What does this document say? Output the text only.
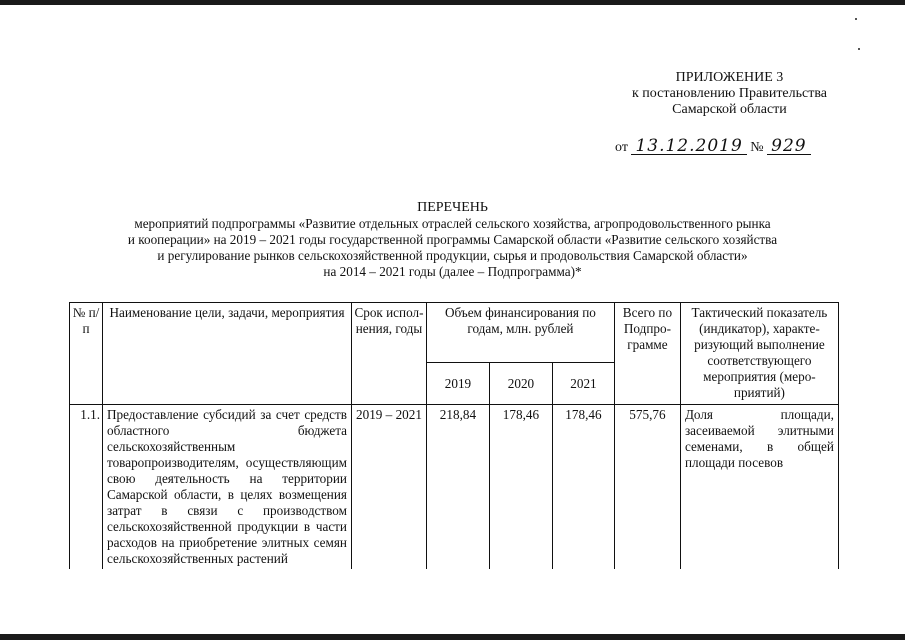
ПРИЛОЖЕНИЕ 3
к постановлению Правительства
Самарской области
от 13.12.2019 № 929
ПЕРЕЧЕНЬ
мероприятий подпрограммы «Развитие отдельных отраслей сельского хозяйства, агропродовольственного рынка
и кооперации» на 2019 – 2021 годы государственной программы Самарской области «Развитие сельского хозяйства
и регулирование рынков сельскохозяйственной продукции, сырья и продовольствия Самарской области»
на 2014 – 2021 годы (далее – Подпрограмма)*
№ п/п	Наименование цели, задачи, мероприятия	Срок испол-нения, годы	Объем финансирования по годам, млн. рублей			Всего по Подпро-грамме	Тактический показатель (индикатор), характе-ризующий выполнение соответствующего мероприятия (меро-приятий)
			2019	2020	2021		
1.1.	Предоставление субсидий за счет средств областного бюджета сельскохозяйственным товаропроизводителям, осуществляющим свою деятельность на территории Самарской области, в целях возмещения затрат в связи с производством сельскохозяйственной продукции в части расходов на приобретение элитных семян сельскохозяйственных растений	2019 – 2021	218,84	178,46	178,46	575,76	Доля площади, засеиваемой элитными семенами, в общей площади посевов
